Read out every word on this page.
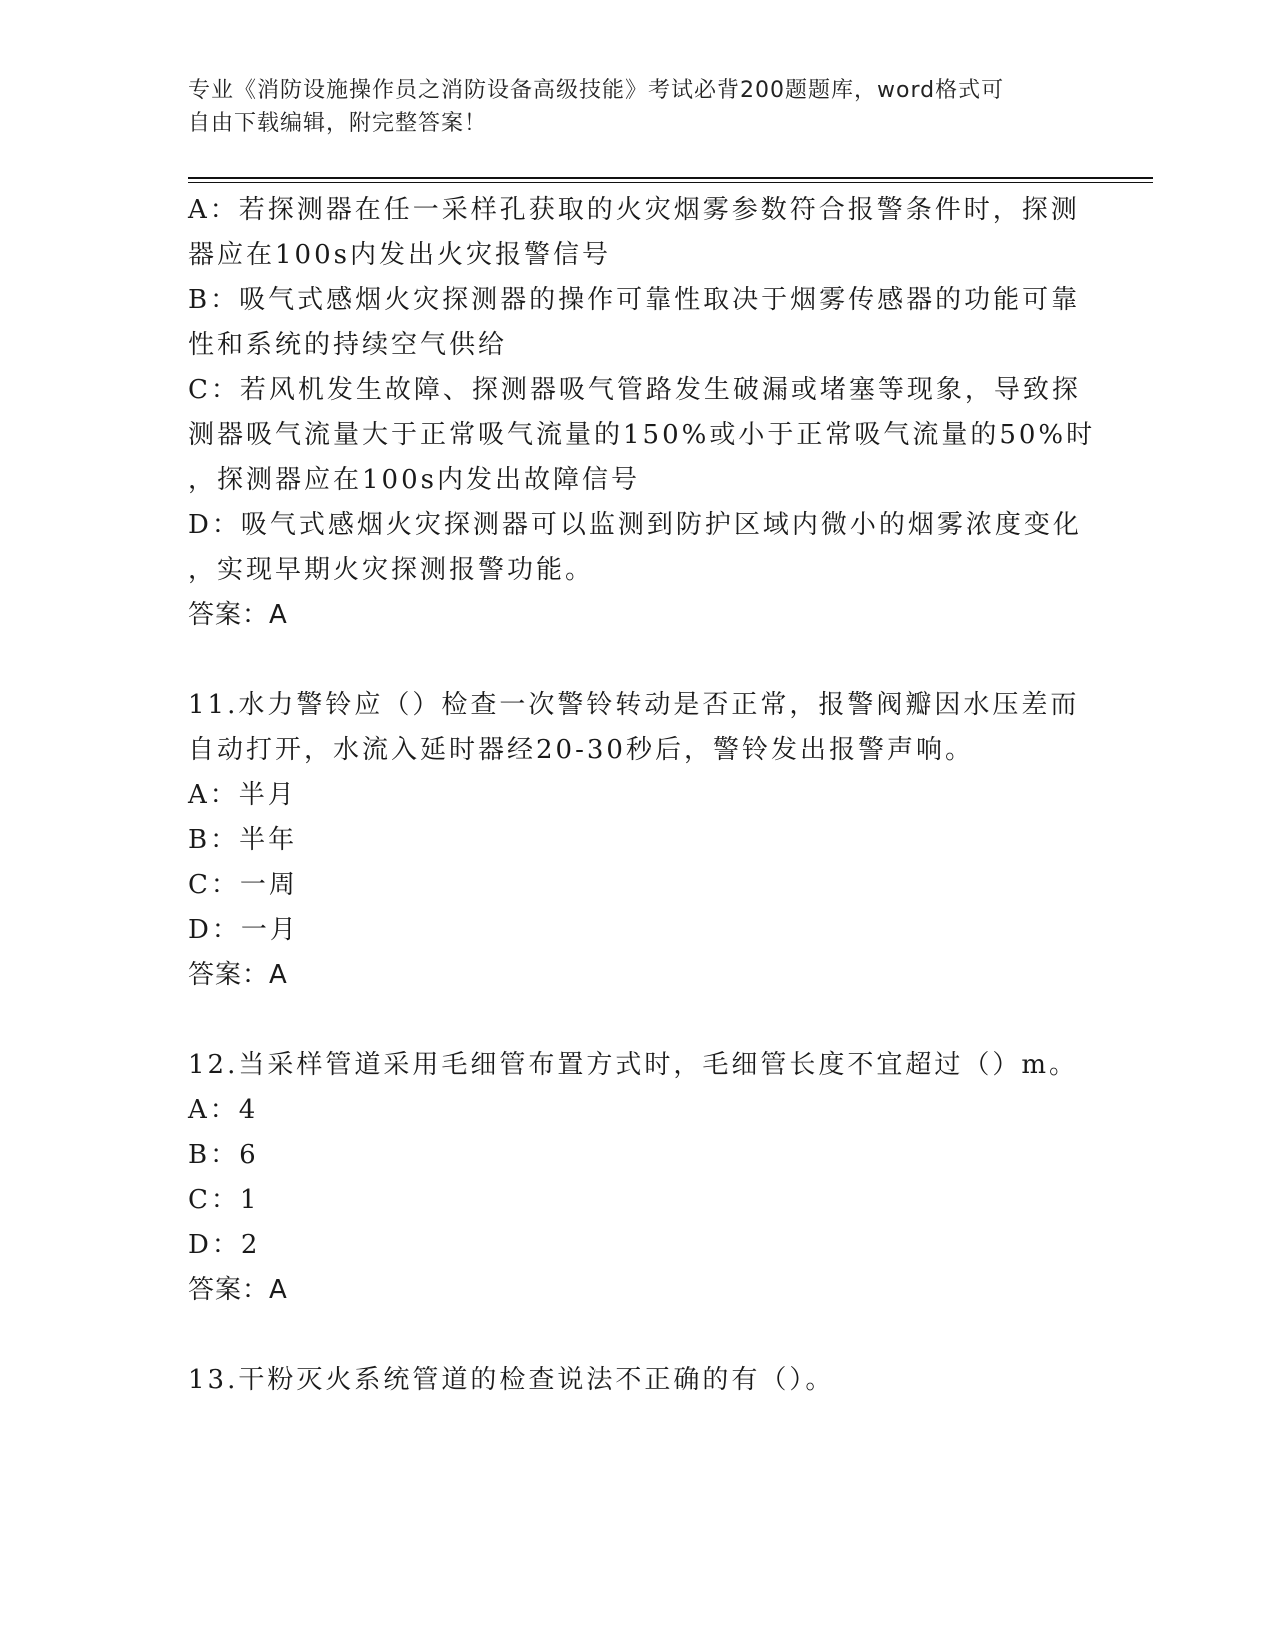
专业《消防设施操作员之消防设备高级技能》考试必背200题题库，word格式可
自由下载编辑，附完整答案！
A：若探测器在任一采样孔获取的火灾烟雾参数符合报警条件时，探测
器应在100s内发出火灾报警信号
B：吸气式感烟火灾探测器的操作可靠性取决于烟雾传感器的功能可靠
性和系统的持续空气供给
C：若风机发生故障、探测器吸气管路发生破漏或堵塞等现象，导致探
测器吸气流量大于正常吸气流量的150%或小于正常吸气流量的50%时
，探测器应在100s内发出故障信号
D：吸气式感烟火灾探测器可以监测到防护区域内微小的烟雾浓度变化
，实现早期火灾探测报警功能。
答案：A
11.水力警铃应（）检查一次警铃转动是否正常，报警阀瓣因水压差而
自动打开，水流入延时器经20-30秒后，警铃发出报警声响。
A：半月
B：半年
C：一周
D：一月
答案：A
12.当采样管道采用毛细管布置方式时，毛细管长度不宜超过（）m。
A：4
B：6
C：1
D：2
答案：A
13.干粉灭火系统管道的检查说法不正确的有（）。
